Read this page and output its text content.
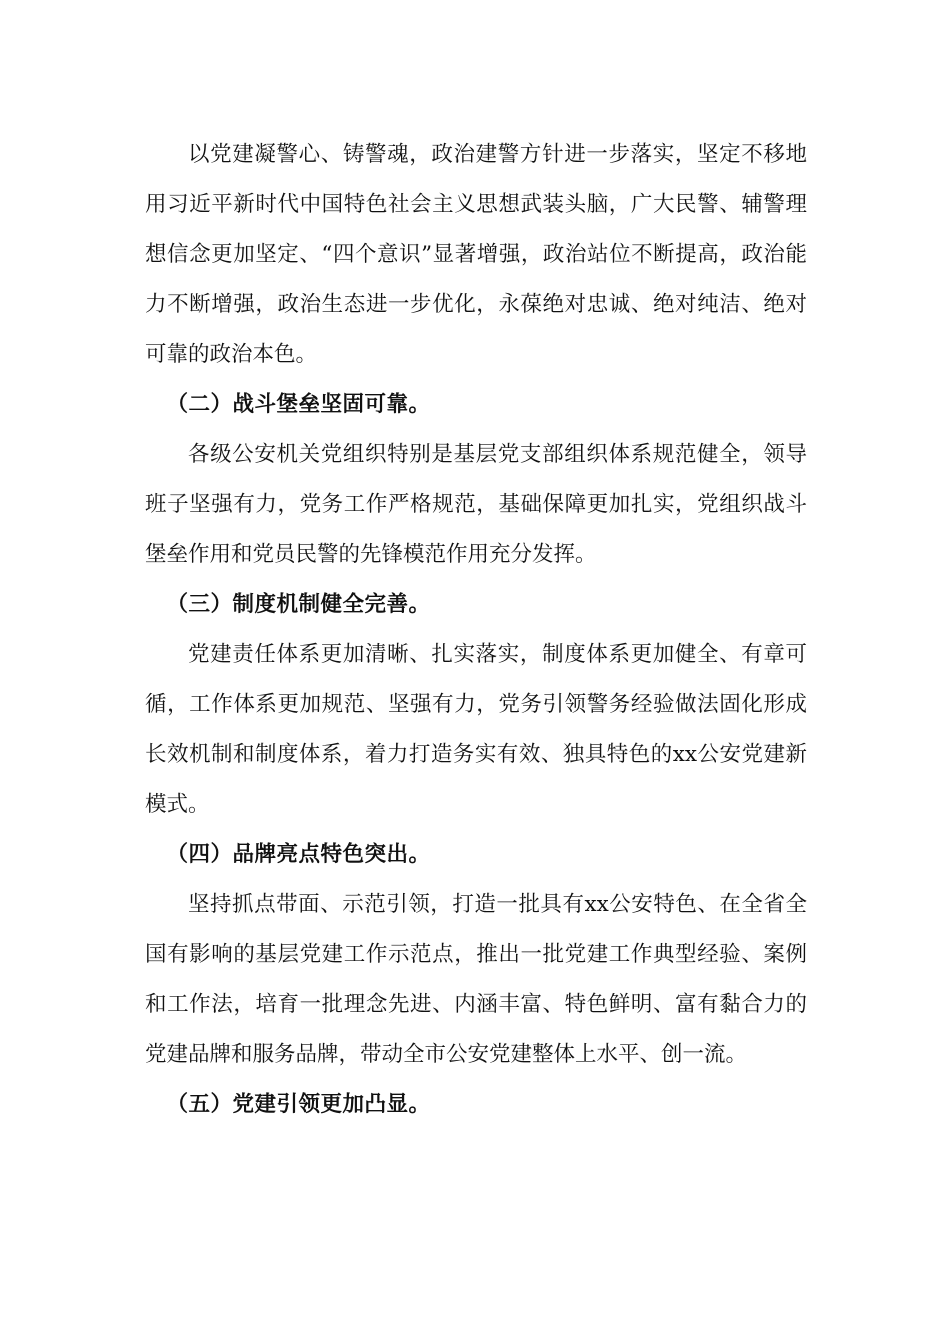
以党建凝警心、铸警魂，政治建警方针进一步落实，坚定不移地用习近平新时代中国特色社会主义思想武装头脑，广大民警、辅警理想信念更加坚定、“四个意识”显著增强，政治站位不断提高，政治能力不断增强，政治生态进一步优化，永葆绝对忠诚、绝对纯洁、绝对可靠的政治本色。

（二）战斗堡垒坚固可靠。

各级公安机关党组织特别是基层党支部组织体系规范健全，领导班子坚强有力，党务工作严格规范，基础保障更加扎实，党组织战斗堡垒作用和党员民警的先锋模范作用充分发挥。

（三）制度机制健全完善。

党建责任体系更加清晰、扎实落实，制度体系更加健全、有章可循，工作体系更加规范、坚强有力，党务引领警务经验做法固化形成长效机制和制度体系，着力打造务实有效、独具特色的xx公安党建新模式。

（四）品牌亮点特色突出。

坚持抓点带面、示范引领，打造一批具有xx公安特色、在全省全国有影响的基层党建工作示范点，推出一批党建工作典型经验、案例和工作法，培育一批理念先进、内涵丰富、特色鲜明、富有黏合力的党建品牌和服务品牌，带动全市公安党建整体上水平、创一流。

（五）党建引领更加凸显。
